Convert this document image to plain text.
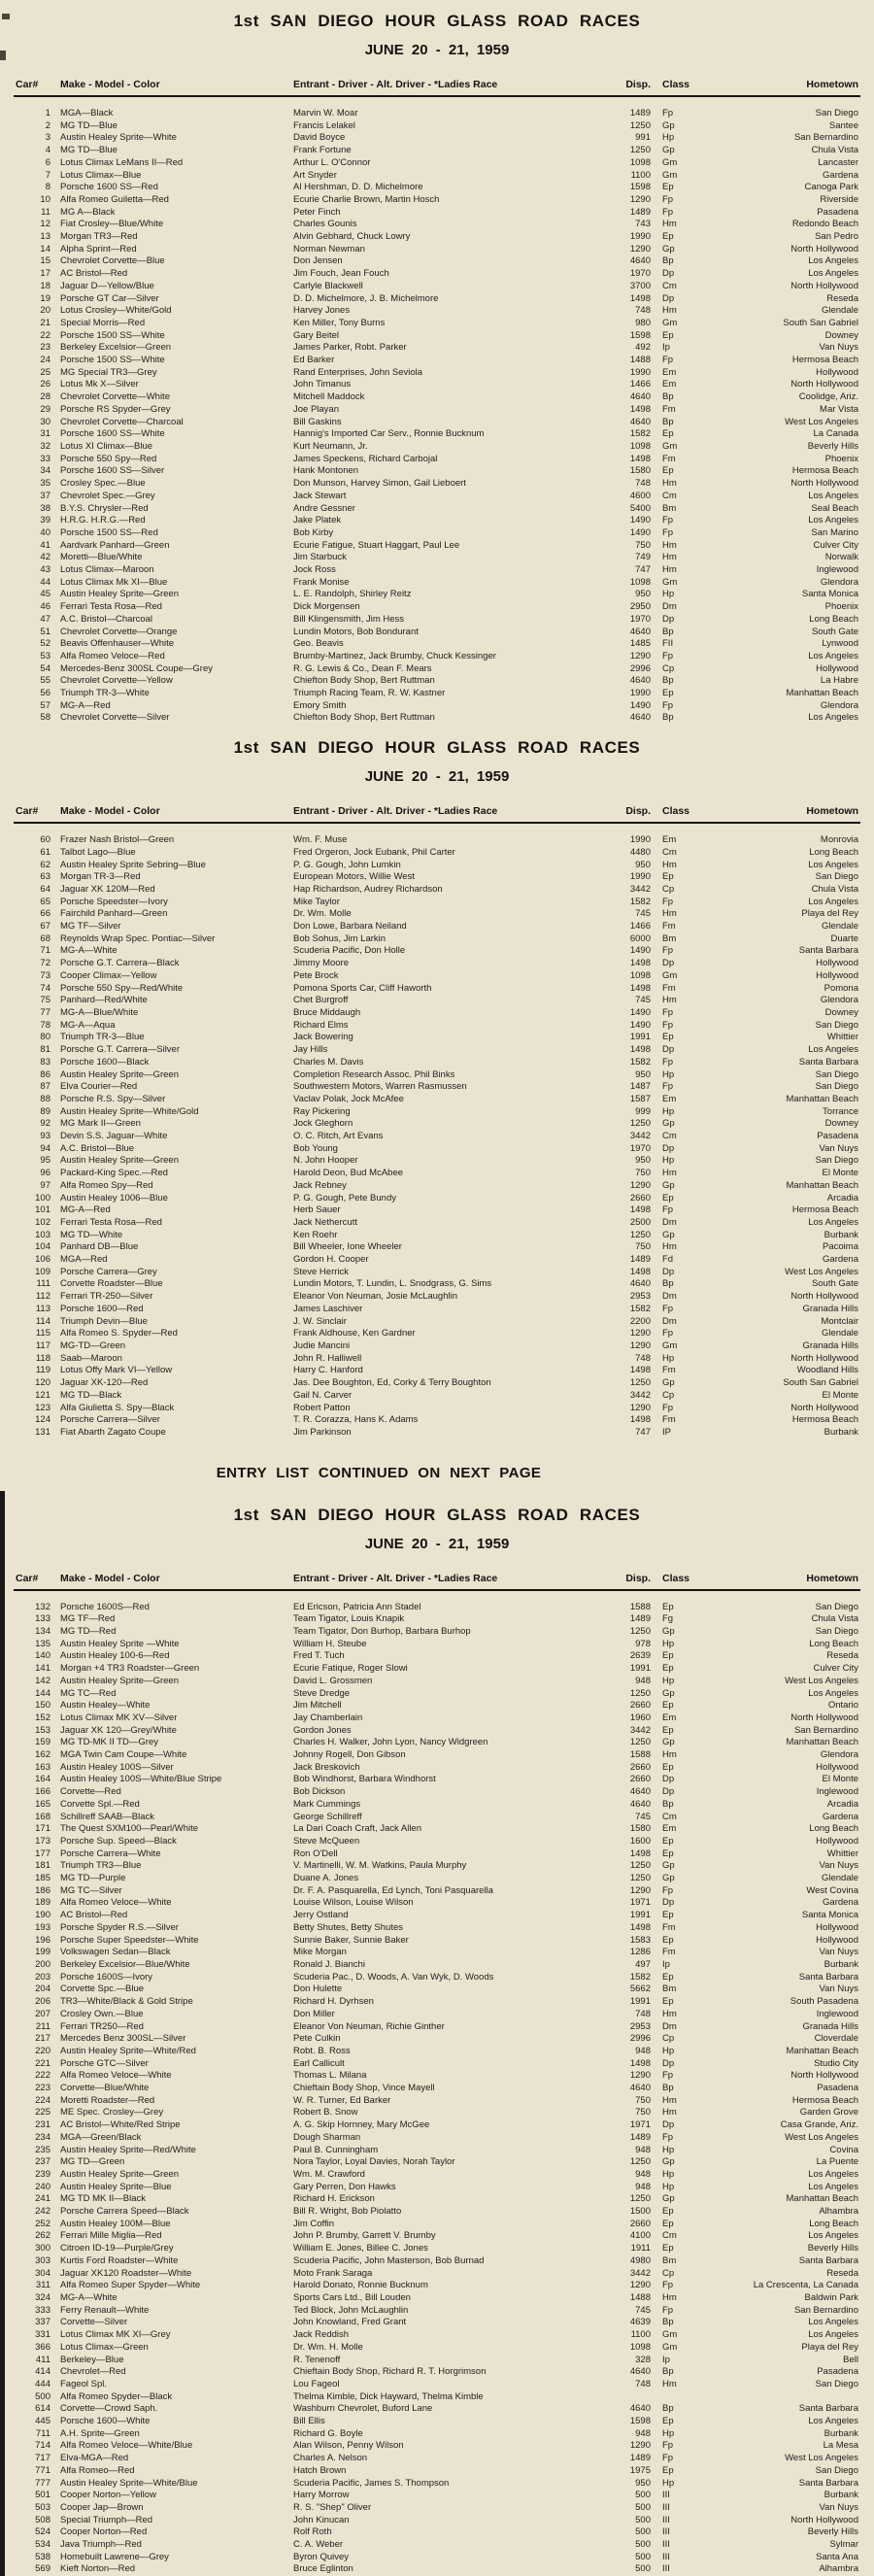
1st SAN DIEGO HOUR GLASS ROAD RACES
JUNE 20 - 21, 1959
Car#	Make - Model - Color	Entrant - Driver - Alt. Driver - *Ladies Race	Disp.	Class	Hometown
1	MGA—Black	Marvin W. Moar	1489	Fp	San Diego
2	MG TD—Blue	Francis Lelakel	1250	Gp	Santee
3	Austin Healey Sprite—White	David Boyce	991	Hp	San Bernardino
4	MG TD—Blue	Frank Fortune	1250	Gp	Chula Vista
6	Lotus Climax LeMans II—Red	Arthur L. O'Connor	1098	Gm	Lancaster
7	Lotus Climax—Blue	Art Snyder	1100	Gm	Gardena
8	Porsche 1600 SS—Red	Al Hershman, D. D. Michelmore	1598	Ep	Canoga Park
10	Alfa Romeo Guiletta—Red	Ecurie Charlie Brown, Martin Hosch	1290	Fp	Riverside
11	MG A—Black	Peter Finch	1489	Fp	Pasadena
12	Fiat Crosley—Blue/White	Charles Gounis	743	Hm	Redondo Beach
13	Morgan TR3—Red	Alvin Gebhard, Chuck Lowry	1990	Ep	San Pedro
14	Alpha Sprint—Red	Norman Newman	1290	Gp	North Hollywood
15	Chevrolet Corvette—Blue	Don Jensen	4640	Bp	Los Angeles
17	AC Bristol—Red	Jim Fouch, Jean Fouch	1970	Dp	Los Angeles
18	Jaguar D—Yellow/Blue	Carlyle Blackwell	3700	Cm	North Hollywood
19	Porsche GT Car—Silver	D. D. Michelmore, J. B. Michelmore	1498	Dp	Reseda
20	Lotus Crosley—White/Gold	Harvey Jones	748	Hm	Glendale
21	Special Morris—Red	Ken Miller, Tony Burns	980	Gm	South San Gabriel
22	Porsche 1500 SS—White	Gary Beitel	1598	Ep	Downey
23	Berkeley Excelsior—Green	James Parker, Robt. Parker	492	Ip	Van Nuys
24	Porsche 1500 SS—White	Ed Barker	1488	Fp	Hermosa Beach
25	MG Special TR3—Grey	Rand Enterprises, John Seviola	1990	Em	Hollywood
26	Lotus Mk X—Silver	John Timanus	1466	Em	North Hollywood
28	Chevrolet Corvette—White	Mitchell Maddock	4640	Bp	Coolidge, Ariz.
29	Porsche RS Spyder—Grey	Joe Playan	1498	Fm	Mar Vista
30	Chevrolet Corvette—Charcoal	Bill Gaskins	4640	Bp	West Los Angeles
31	Porsche 1600 SS—White	Hannig's Imported Car Serv., Ronnie Bucknum	1582	Ep	La Canada
32	Lotus XI Climax—Blue	Kurt Neumann, Jr.	1098	Gm	Beverly Hills
33	Porsche 550 Spy—Red	James Speckens, Richard Carbojal	1498	Fm	Phoenix
34	Porsche 1600 SS—Silver	Hank Montonen	1580	Ep	Hermosa Beach
35	Crosley Spec.—Blue	Don Munson, Harvey Simon, Gail Lieboert	748	Hm	North Hollywood
37	Chevrolet Spec.—Grey	Jack Stewart	4600	Cm	Los Angeles
38	B.Y.S. Chrysler—Red	Andre Gessner	5400	Bm	Seal Beach
39	H.R.G. H.R.G.—Red	Jake Platek	1490	Fp	Los Angeles
40	Porsche 1500 SS—Red	Bob Kirby	1490	Fp	San Marino
41	Aardvark Panhard—Green	Ecurie Fatigue, Stuart Haggart, Paul Lee	750	Hm	Culver City
42	Moretti—Blue/White	Jim Starbuck	749	Hm	Norwalk
43	Lotus Climax—Maroon	Jock Ross	747	Hm	Inglewood
44	Lotus Climax Mk XI—Blue	Frank Monise	1098	Gm	Glendora
45	Austin Healey Sprite—Green	L. E. Randolph, Shirley Reitz	950	Hp	Santa Monica
46	Ferrari Testa Rosa—Red	Dick Morgensen	2950	Dm	Phoenix
47	A.C. Bristol—Charcoal	Bill Klingensmith, Jim Hess	1970	Dp	Long Beach
51	Chevrolet Corvette—Orange	Lundin Motors, Bob Bondurant	4640	Bp	South Gate
52	Beavis Offenhauser—White	Geo. Beavis	1485	FII	Lynwood
53	Alfa Romeo Veloce—Red	Brumby-Martinez, Jack Brumby, Chuck Kessinger	1290	Fp	Los Angeles
54	Mercedes-Benz 300SL Coupe—Grey	R. G. Lewis & Co., Dean F. Mears	2996	Cp	Hollywood
55	Chevrolet Corvette—Yellow	Chiefton Body Shop, Bert Ruttman	4640	Bp	La Habre
56	Triumph TR-3—White	Triumph Racing Team, R. W. Kastner	1990	Ep	Manhattan Beach
57	MG-A—Red	Emory Smith	1490	Fp	Glendora
58	Chevrolet Corvette—Silver	Chiefton Body Shop, Bert Ruttman	4640	Bp	Los Angeles
1st SAN DIEGO HOUR GLASS ROAD RACES
JUNE 20 - 21, 1959
Car#	Make - Model - Color	Entrant - Driver - Alt. Driver - *Ladies Race	Disp.	Class	Hometown
60	Frazer Nash Bristol—Green	Wm. F. Muse	1990	Em	Monrovia
61	Talbot Lago—Blue	Fred Orgeron, Jock Eubank, Phil Carter	4480	Cm	Long Beach
62	Austin Healey Sprite Sebring—Blue	P. G. Gough, John Lumkin	950	Hm	Los Angeles
63	Morgan TR-3—Red	European Motors, Willie West	1990	Ep	San Diego
64	Jaguar XK 120M—Red	Hap Richardson, Audrey Richardson	3442	Cp	Chula Vista
65	Porsche Speedster—Ivory	Mike Taylor	1582	Fp	Los Angeles
66	Fairchild Panhard—Green	Dr. Wm. Molle	745	Hm	Playa del Rey
67	MG TF—Silver	Don Lowe, Barbara Neiland	1466	Fm	Glendale
68	Reynolds Wrap Spec. Pontiac—Silver	Bob Sohus, Jim Larkin	6000	Bm	Duarte
71	MG-A—White	Scuderia Pacific, Don Holle	1490	Fp	Santa Barbara
72	Porsche G.T. Carrera—Black	Jimmy Moore	1498	Dp	Hollywood
73	Cooper Climax—Yellow	Pete Brock	1098	Gm	Hollywood
74	Porsche 550 Spy—Red/White	Pomona Sports Car, Cliff Haworth	1498	Fm	Pomona
75	Panhard—Red/White	Chet Burgroff	745	Hm	Glendora
77	MG-A—Blue/White	Bruce Middaugh	1490	Fp	Downey
78	MG-A—Aqua	Richard Elms	1490	Fp	San Diego
80	Triumph TR-3—Blue	Jack Bowering	1991	Ep	Whittier
81	Porsche G.T. Carrera—Silver	Jay Hills	1498	Dp	Los Angeles
83	Porsche 1600—Black	Charles M. Davis	1582	Fp	Santa Barbara
86	Austin Healey Sprite—Green	Completion Research Assoc. Phil Binks	950	Hp	San Diego
87	Elva Courier—Red	Southwestern Motors, Warren Rasmussen	1487	Fp	San Diego
88	Porsche R.S. Spy—Silver	Vaclav Polak, Jock McAfee	1587	Em	Manhattan Beach
89	Austin Healey Sprite—White/Gold	Ray Pickering	999	Hp	Torrance
92	MG Mark II—Green	Jock Gleghorn	1250	Gp	Downey
93	Devin S.S. Jaguar—White	O. C. Ritch, Art Evans	3442	Cm	Pasadena
94	A.C. Bristol—Blue	Bob Young	1970	Dp	Van Nuys
95	Austin Healey Sprite—Green	N. John Hooper	950	Hp	San Diego
96	Packard-King Spec.—Red	Harold Deon, Bud McAbee	750	Hm	El Monte
97	Alfa Romeo Spy—Red	Jack Rebney	1290	Gp	Manhattan Beach
100	Austin Healey 1006—Blue	P. G. Gough, Pete Bundy	2660	Ep	Arcadia
101	MG-A—Red	Herb Sauer	1498	Fp	Hermosa Beach
102	Ferrari Testa Rosa—Red	Jack Nethercutt	2500	Dm	Los Angeles
103	MG TD—White	Ken Roehr	1250	Gp	Burbank
104	Panhard DB—Blue	Bill Wheeler, Ione Wheeler	750	Hm	Pacoima
106	MGA—Red	Gordon H. Cooper	1489	Fd	Gardena
109	Porsche Carrera—Grey	Steve Herrick	1498	Dp	West Los Angeles
111	Corvette Roadster—Blue	Lundin Motors, T. Lundin, L. Snodgrass, G. Sims	4640	Bp	South Gate
112	Ferrari TR-250—Silver	Eleanor Von Neuman, Josie McLaughlin	2953	Dm	North Hollywood
113	Porsche 1600—Red	James Laschiver	1582	Fp	Granada Hills
114	Triumph Devin—Blue	J. W. Sinclair	2200	Dm	Montclair
115	Alfa Romeo S. Spyder—Red	Frank Aldhouse, Ken Gardner	1290	Fp	Glendale
117	MG-TD—Green	Judie Mancini	1290	Gm	Granada Hills
118	Saab—Maroon	John R. Halliwell	748	Hp	North Hollywood
119	Lotus Offy Mark VI—Yellow	Harry C. Hanford	1498	Fm	Woodland Hills
120	Jaguar XK-120—Red	Jas. Dee Boughton, Ed, Corky & Terry Boughton	1250	Gp	South San Gabriel
121	MG TD—Black	Gail N. Carver	3442	Cp	El Monte
123	Alfa Giulietta S. Spy—Black	Robert Patton	1290	Fp	North Hollywood
124	Porsche Carrera—Silver	T. R. Corazza, Hans K. Adams	1498	Fm	Hermosa Beach
131	Fiat Abarth Zagato Coupe	Jim Parkinson	747	IP	Burbank
ENTRY LIST CONTINUED ON NEXT PAGE
1st SAN DIEGO HOUR GLASS ROAD RACES
JUNE 20 - 21, 1959
Car#	Make - Model - Color	Entrant - Driver - Alt. Driver - *Ladies Race	Disp.	Class	Hometown
132	Porsche 1600S—Red	Ed Ericson, Patricia Ann Stadel	1588	Ep	San Diego
133	MG TF—Red	Team Tigator, Louis Knapik	1489	Fg	Chula Vista
134	MG TD—Red	Team Tigator, Don Burhop, Barbara Burhop	1250	Gp	San Diego
135	Austin Healey Sprite —White	William H. Steube	978	Hp	Long Beach
140	Austin Healey 100-6—Red	Fred T. Tuch	2639	Ep	Reseda
141	Morgan +4 TR3 Roadster—Green	Ecurie Fatique, Roger Slowi	1991	Ep	Culver City
142	Austin Healey Sprite—Green	David L. Grossmen	948	Hp	West Los Angeles
144	MG TC—Red	Steve Dredge	1250	Gp	Los Angeles
150	Austin Healey—White	Jim Mitchell	2660	Ep	Ontario
152	Lotus Climax MK XV—Silver	Jay Chamberlain	1960	Em	North Hollywood
153	Jaguar XK 120—Grey/White	Gordon Jones	3442	Ep	San Bernardino
159	MG TD-MK II TD—Grey	Charles H. Walker, John Lyon, Nancy Widgreen	1250	Gp	Manhattan Beach
162	MGA Twin Cam Coupe—White	Johnny Rogell, Don Gibson	1588	Hm	Glendora
163	Austin Healey 100S—Silver	Jack Breskovich	2660	Ep	Hollywood
164	Austin Healey 100S—White/Blue Stripe	Bob Windhorst, Barbara Windhorst	2660	Dp	El Monte
166	Corvette—Red	Bob Dickson	4640	Dp	Inglewood
165	Corvette Spl.—Red	Mark Cummings	4640	Bp	Arcadia
168	Schillreff SAAB—Black	George Schillreff	745	Cm	Gardena
171	The Quest SXM100—Pearl/White	La Dari Coach Craft, Jack Allen	1580	Em	Long Beach
173	Porsche Sup. Speed—Black	Steve McQueen	1600	Ep	Hollywood
177	Porsche Carrera—White	Ron O'Dell	1498	Ep	Whittier
181	Triumph TR3—Blue	V. Martinelli, W. M. Watkins, Paula Murphy	1250	Gp	Van Nuys
185	MG TD—Purple	Duane A. Jones	1250	Gp	Glendale
186	MG TC—Silver	Dr. F. A. Pasquarella, Ed Lynch, Toni Pasquarella	1290	Fp	West Covina
189	Alfa Romeo Veloce—White	Louise Wilson, Louise Wilson	1971	Dp	Gardena
190	AC Bristol—Red	Jerry Ostland	1991	Ep	Santa Monica
193	Porsche Spyder R.S.—Silver	Betty Shutes, Betty Shutes	1498	Fm	Hollywood
196	Porsche Super Speedster—White	Sunnie Baker, Sunnie Baker	1583	Ep	Hollywood
199	Volkswagen Sedan—Black	Mike Morgan	1286	Fm	Van Nuys
200	Berkeley Excelsior—Blue/White	Ronald J. Bianchi	497	Ip	Burbank
203	Porsche 1600S—Ivory	Scuderia Pac., D. Woods, A. Van Wyk, D. Woods	1582	Ep	Santa Barbara
204	Corvette Spc.—Blue	Don Hulette	5662	Bm	Van Nuys
206	TR3—White/Black & Gold Stripe	Richard H. Dyrhsen	1991	Ep	South Pasadena
207	Crosley Own.—Blue	Don Miller	748	Hm	Inglewood
211	Ferrari TR250—Red	Eleanor Von Neuman, Richie Ginther	2953	Dm	Granada Hills
217	Mercedes Benz 300SL—Silver	Pete Culkin	2996	Cp	Cloverdale
220	Austin Healey Sprite—White/Red	Robt. B. Ross	948	Hp	Manhattan Beach
221	Porsche GTC—Silver	Earl Callicult	1498	Dp	Studio City
222	Alfa Romeo Veloce—White	Thomas L. Milana	1290	Fp	North Hollywood
223	Corvette—Blue/White	Chieftain Body Shop, Vince Mayell	4640	Bp	Pasadena
224	Moretti Roadster—Red	W. R. Turner, Ed Barker	750	Hm	Hermosa Beach
225	ME Spec. Crosley—Grey	Robert B. Snow	750	Hm	Garden Grove
231	AC Bristol—White/Red Stripe	A. G. Skip Hornney, Mary McGee	1971	Dp	Casa Grande, Ariz.
234	MGA—Green/Black	Dough Sharman	1489	Fp	West Los Angeles
235	Austin Healey Sprite—Red/White	Paul B. Cunningham	948	Hp	Covina
237	MG TD—Green	Nora Taylor, Loyal Davies, Norah Taylor	1250	Gp	La Puente
239	Austin Healey Sprite—Green	Wm. M. Crawford	948	Hp	Los Angeles
240	Austin Healey Sprite—Blue	Gary Perren, Don Hawks	948	Hp	Los Angeles
241	MG TD MK II—Black	Richard H. Erickson	1250	Gp	Manhattan Beach
242	Porsche Carrera Speed—Black	Bill R. Wright, Bob Piolatto	1500	Ep	Alhambra
252	Austin Healey 100M—Blue	Jim Coffin	2660	Ep	Long Beach
262	Ferrari Mille Miglia—Red	John P. Brumby, Garrett V. Brumby	4100	Cm	Los Angeles
300	Citroen ID-19—Purple/Grey	William E. Jones, Billee C. Jones	1911	Ep	Beverly Hills
303	Kurtis Ford Roadster—White	Scuderia Pacific, John Masterson, Bob Burnad	4980	Bm	Santa Barbara
304	Jaguar XK120 Roadster—White	Moto Frank Saraga	3442	Cp	Reseda
311	Alfa Romeo Super Spyder—White	Harold Donato, Ronnie Bucknum	1290	Fp	La Crescenta, La Canada
324	MG-A—White	Sports Cars Ltd., Bill Louden	1488	Hm	Baldwin Park
333	Ferry Renault—White	Ted Block, John McLaughlin	745	Fp	San Bernardino
337	Corvette—Silver	John Knowland, Fred Grant	4639	Bp	Los Angeles
331	Lotus Climax MK XI—Grey	Jack Reddish	1100	Gm	Los Angeles
366	Lotus Climax—Green	Dr. Wm. H. Molle	1098	Gm	Playa del Rey
411	Berkeley—Blue	R. Tenenoff	328	Ip	Bell
414	Chevrolet—Red	Chieftain Body Shop, Richard R. T. Horgrimson	4640	Bp	Pasadena
444	Fageol Spl.	Lou Fageol	748	Hm	San Diego
500	Alfa Romeo Spyder—Black	Thelma Kimble, Dick Hayward, Thelma Kimble
614	Corvette—Crowd Saph.	Washburn Chevrolet, Buford Lane	4640	Bp	Santa Barbara
445	Porsche 1600—White	Bill Ellis	1598	Ep	Los Angeles
711	A.H. Sprite—Green	Richard G. Boyle	948	Hp	Burbank
714	Alfa Romeo Veloce—White/Blue	Alan Wilson, Penny Wilson	1290	Fp	La Mesa
717	Elva-MGA—Red	Charles A. Nelson	1489	Fp	West Los Angeles
771	Alfa Romeo—Red	Hatch Brown	1975	Ep	San Diego
777	Austin Healey Sprite—White/Blue	Scuderia Pacific, James S. Thompson	950	Hp	Santa Barbara
501	Cooper Norton—Yellow	Harry Morrow	500	III	Burbank
503	Cooper Jap—Brown	R. S. "Shep" Oliver	500	III	Van Nuys
508	Special Triumph—Red	John Kinucan	500	III	North Hollywood
524	Cooper Norton—Red	Rolf Roth	500	III	Beverly Hills
534	Java Triumph—Red	C. A. Weber	500	III	Sylmar
538	Homebuilt Lawrene—Grey	Byron Quivey	500	III	Santa Ana
569	Kieft Norton—Red	Bruce Eglinton	500	III	Alhambra
